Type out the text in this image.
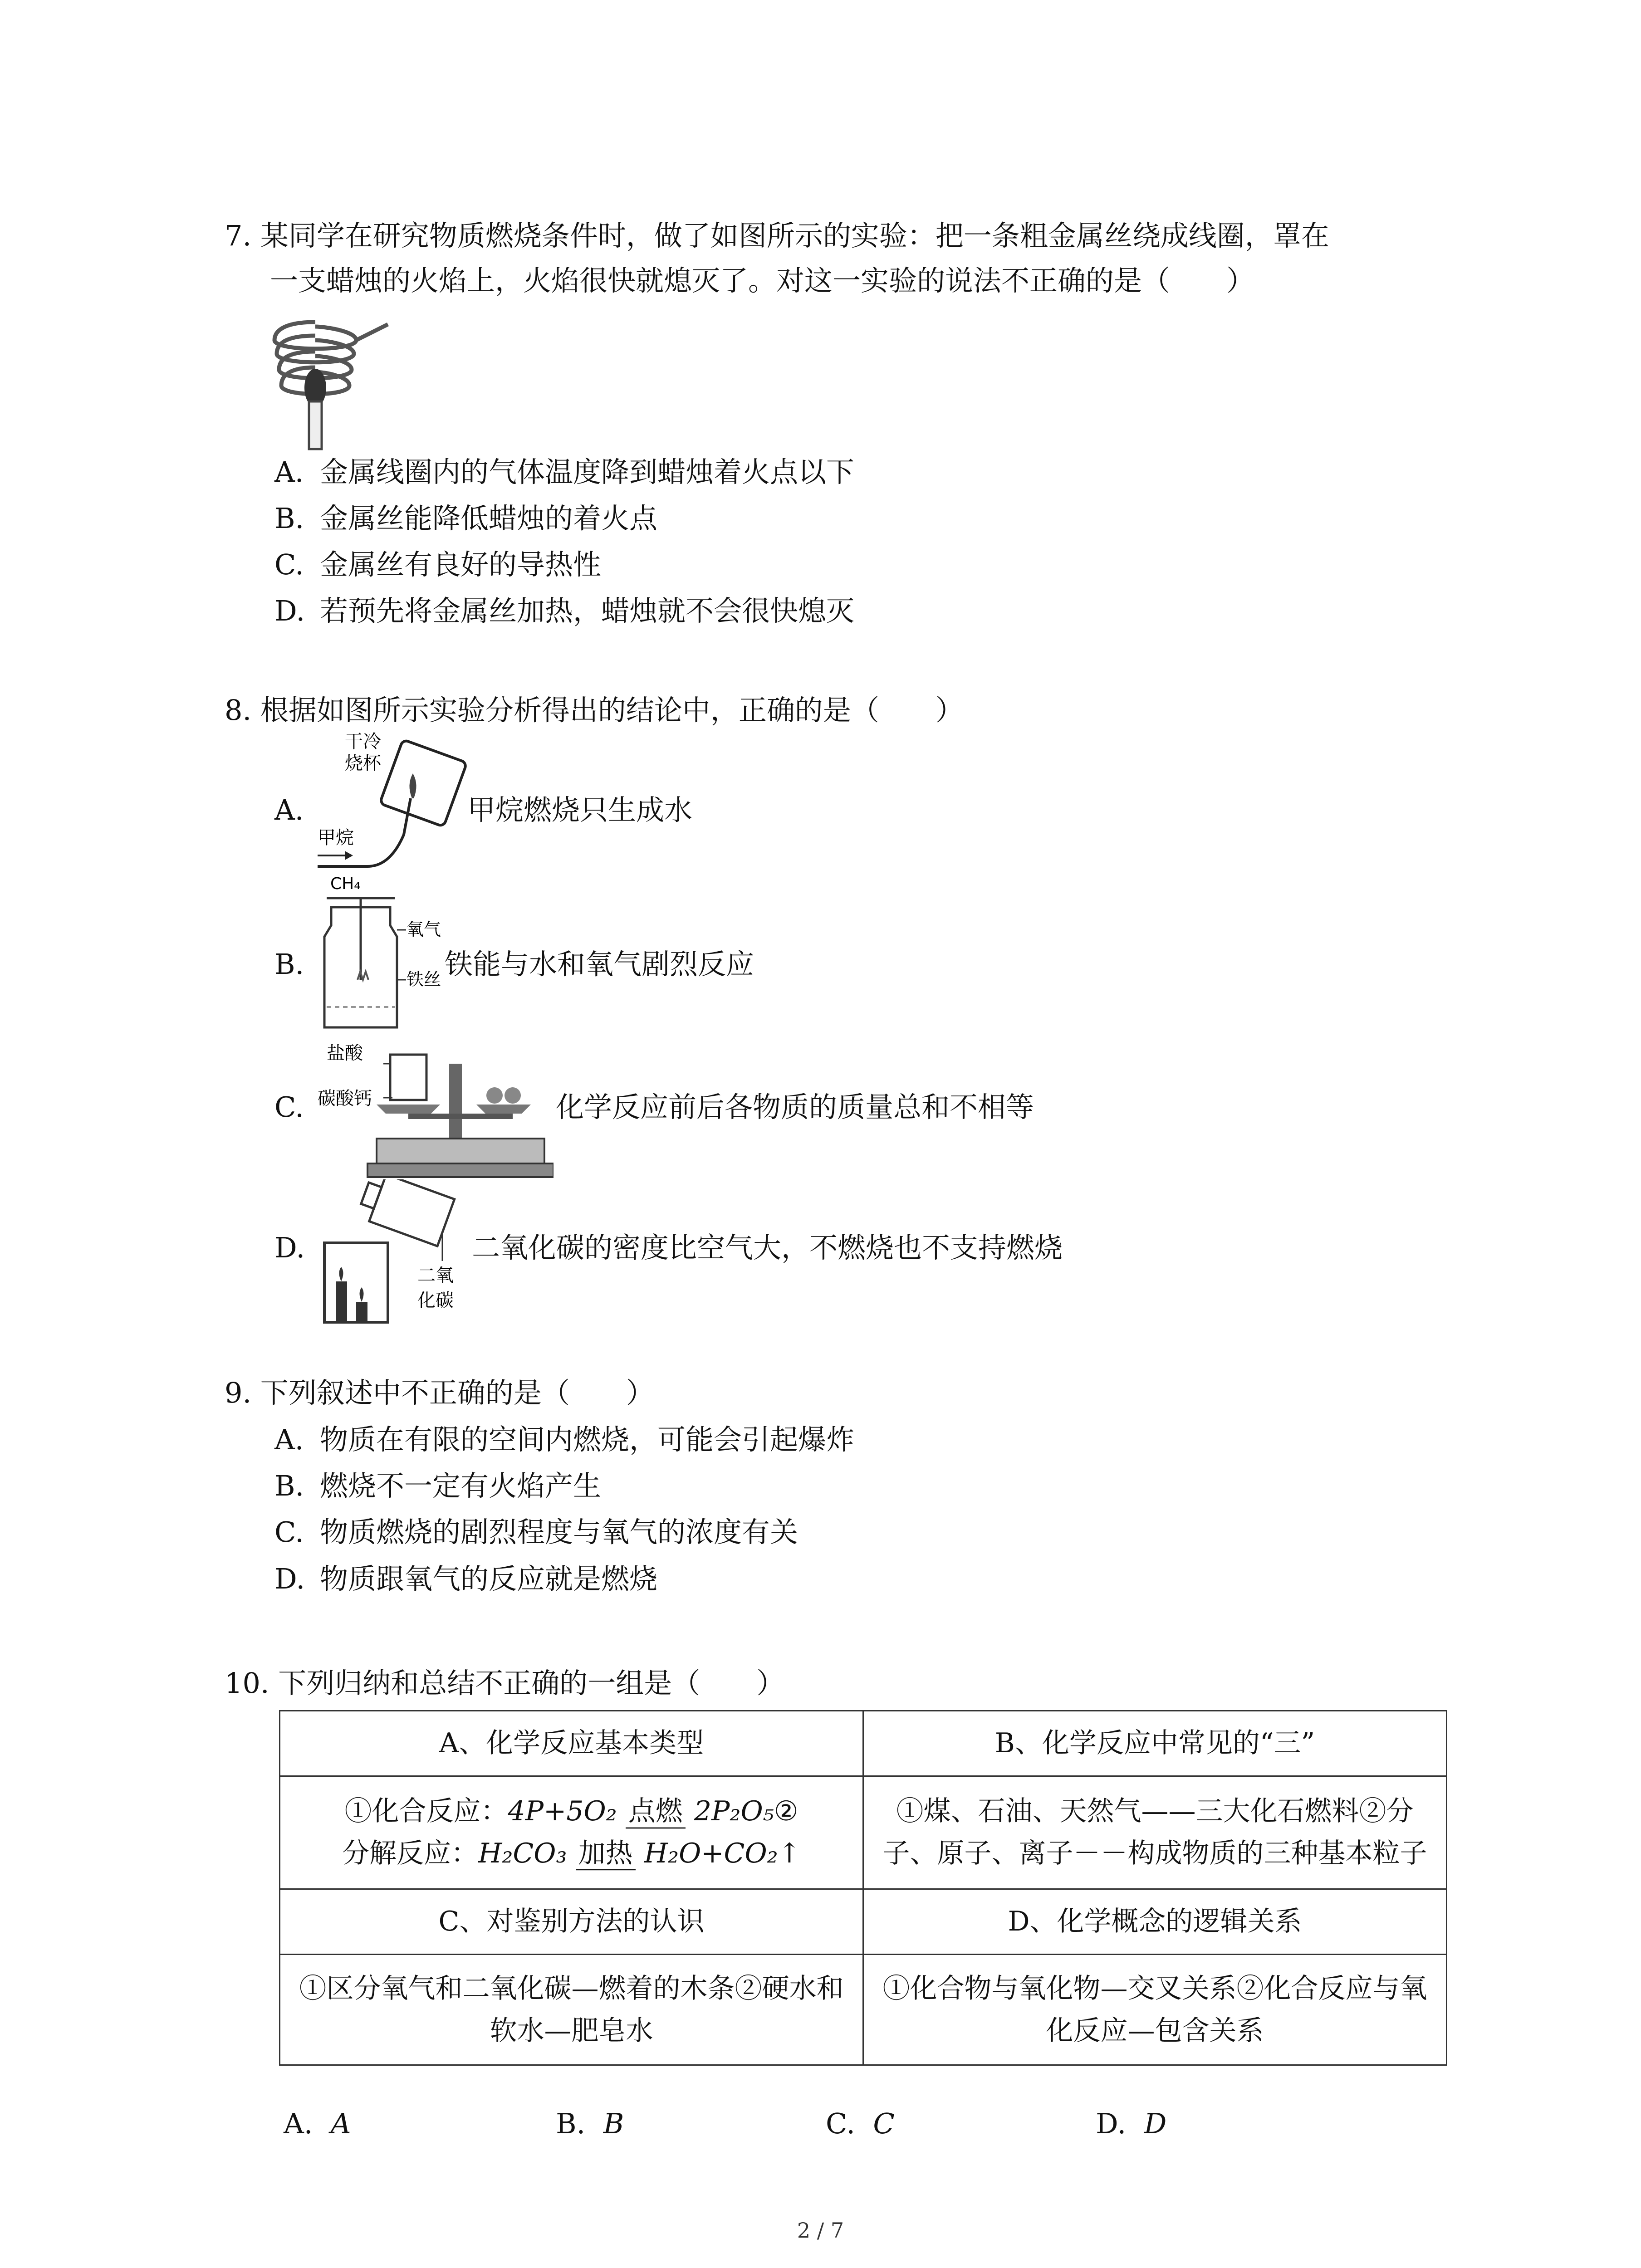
7. 某同学在研究物质燃烧条件时，做了如图所示的实验：把一条粗金属丝绕成线圈，罩在

一支蜡烛的火焰上，火焰很快就熄灭了。对这一实验的说法不正确的是（　　）

A. 金属线圈内的气体温度降到蜡烛着火点以下
B. 金属丝能降低蜡烛的着火点
C. 金属丝有良好的导热性
D. 若预先将金属丝加热，蜡烛就不会很快熄灭
8. 根据如图所示实验分析得出的结论中，正确的是（　　）
A.
干冷
烧杯
甲烷
甲烷燃烧只生成水
B.
CH₄
氧气
铁丝 铁能与水和氧气剧烈反应
C.
盐酸
碳酸钙	化学反应前后各物质的质量总和不相等
D.
二氧
化碳
二氧化碳的密度比空气大，不燃烧也不支持燃烧
9. 下列叙述中不正确的是（　　）
A. 物质在有限的空间内燃烧，可能会引起爆炸
B. 燃烧不一定有火焰产生
C. 物质燃烧的剧烈程度与氧气的浓度有关
D. 物质跟氧气的反应就是燃烧
10. 下列归纳和总结不正确的一组是（　　）
A、化学反应基本类型	B、化学反应中常见的“三”
①化合反应：4P+5O₂ 点燃 2P₂O₅②
分解反应：H₂CO₃ 加热 H₂O+CO₂↑	①煤、石油、天然气——三大化石燃料②分子、原子、离子－－构成物质的三种基本粒子
C、对鉴别方法的认识	D、化学概念的逻辑关系
①区分氧气和二氧化碳—燃着的木条②硬水和软水—肥皂水	①化合物与氧化物—交叉关系②化合反应与氧化反应—包含关系
A. A	B. B	C. C	D. D
2 / 7
